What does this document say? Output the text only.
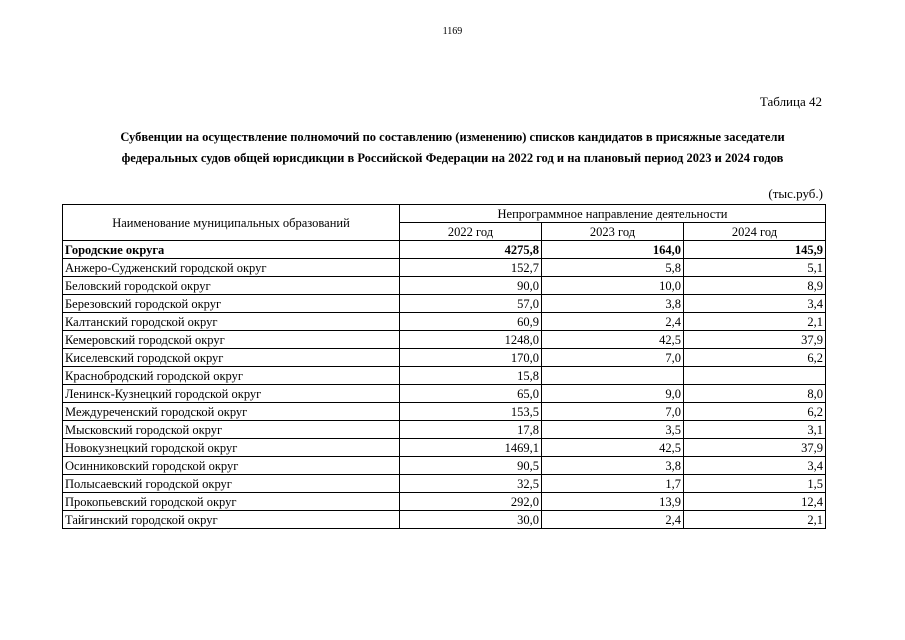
1169
Таблица 42
Субвенции на осуществление полномочий по составлению (изменению) списков кандидатов в присяжные заседатели
федеральных судов общей юрисдикции в Российской Федерации на 2022 год и на плановый период 2023 и 2024 годов
(тыс.руб.)
Наименование муниципальных образований	Непрограммное направление деятельности		
	2022 год	2023 год	2024 год
Городские округа	4275,8	164,0	145,9
Анжеро-Судженский городской округ	152,7	5,8	5,1
Беловский городской округ	90,0	10,0	8,9
Березовский городской округ	57,0	3,8	3,4
Калтанский городской округ	60,9	2,4	2,1
Кемеровский городской округ	1248,0	42,5	37,9
Киселевский городской округ	170,0	7,0	6,2
Краснобродский городской округ	15,8		
Ленинск-Кузнецкий городской округ	65,0	9,0	8,0
Междуреченский городской округ	153,5	7,0	6,2
Мысковский городской округ	17,8	3,5	3,1
Новокузнецкий городской округ	1469,1	42,5	37,9
Осинниковский городской округ	90,5	3,8	3,4
Полысаевский городской округ	32,5	1,7	1,5
Прокопьевский городской округ	292,0	13,9	12,4
Тайгинский городской округ	30,0	2,4	2,1
